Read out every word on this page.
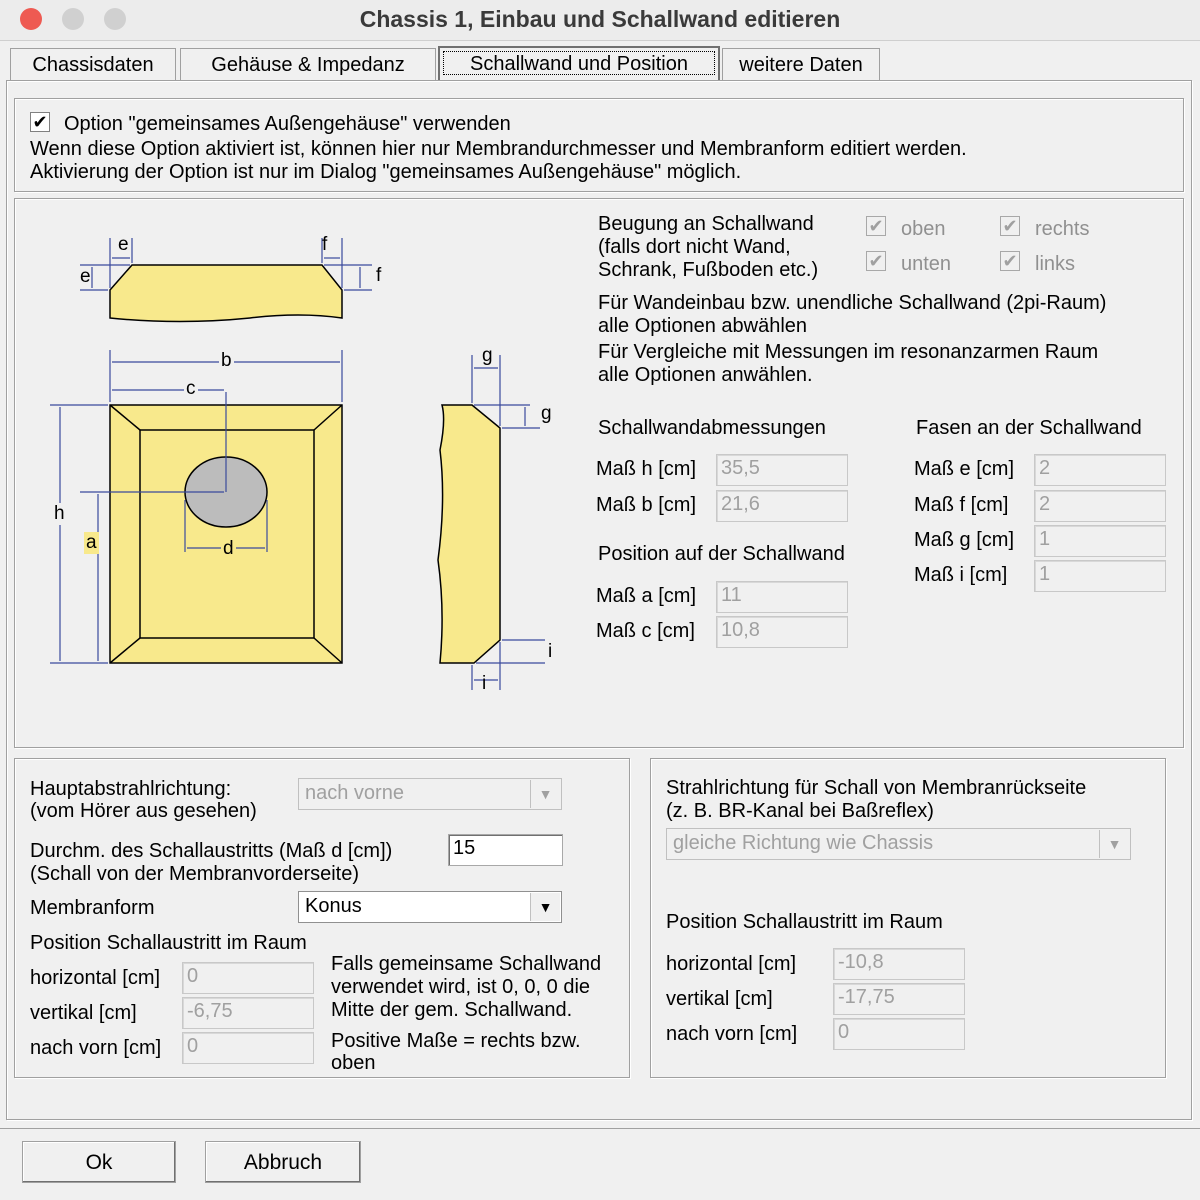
Chassis 1, Einbau und Schallwand editieren
Chassisdaten	Gehäuse & Impedanz	Schallwand und Position	weitere Daten
✔ Option "gemeinsames Außengehäuse" verwenden
Wenn diese Option aktiviert ist, können hier nur Membrandurchmesser und Membranform editiert werden.
Aktivierung der Option ist nur im Dialog "gemeinsames Außengehäuse" möglich.
e
e
f
f
b
c
h
a	d
g
g
i
i
Beugung an Schallwand
(falls dort nicht Wand,
Schrank, Fußboden etc.)
✔ oben	✔ rechts
✔ unten	✔ links
Für Wandeinbau bzw. unendliche Schallwand (2pi-Raum)
alle Optionen abwählen
Für Vergleiche mit Messungen im resonanzarmen Raum
alle Optionen anwählen.
Schallwandabmessungen
Maß h [cm] 35,5
Maß b [cm] 21,6
Position auf der Schallwand
Maß a [cm] 11
Maß c [cm] 10,8
Fasen an der Schallwand
Maß e [cm] 2
Maß f [cm] 2
Maß g [cm] 1
Maß i [cm] 1
Hauptabstrahlrichtung:
(vom Hörer aus gesehen)
nach vorne	▼
Durchm. des Schallaustritts (Maß d [cm])
(Schall von der Membranvorderseite)
15
Membranform	Konus	▼
Position Schallaustritt im Raum
horizontal [cm] 0
vertikal [cm]	-6,75
nach vorn [cm] 0
Falls gemeinsame Schallwand
verwendet wird, ist 0, 0, 0 die
Mitte der gem. Schallwand.
Positive Maße = rechts bzw.
oben
Strahlrichtung für Schall von Membranrückseite
(z. B. BR-Kanal bei Baßreflex)
gleiche Richtung wie Chassis	▼
Position Schallaustritt im Raum
horizontal [cm] -10,8
vertikal [cm]	-17,75
nach vorn [cm] 0
Ok	Abbruch
